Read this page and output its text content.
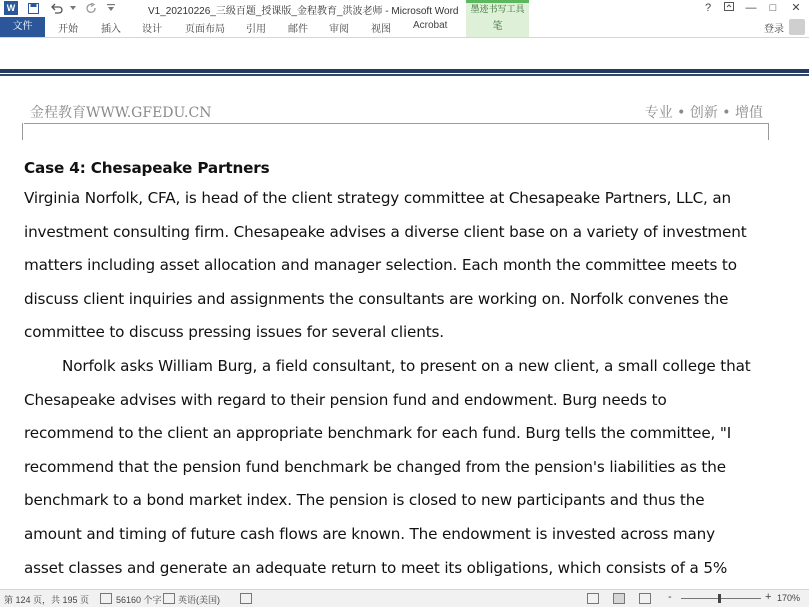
W	V1_20210226_三级百题_授课版_金程教育_洪波老师 - Microsoft Word	墨迹书写工具	?	—	□	✕
文件	开始 插入 设计 页面布局 引用 邮件 审阅 视图 Acrobat	笔	登录
金程教育WWW.GFEDU.CN	专业 • 创新 • 增值
Case 4: Chesapeake Partners
Virginia Norfolk, CFA, is head of the client strategy committee at Chesapeake Partners, LLC, an
investment consulting firm. Chesapeake advises a diverse client base on a variety of investment
matters including asset allocation and manager selection. Each month the committee meets to
discuss client inquiries and assignments the consultants are working on. Norfolk convenes the
committee to discuss pressing issues for several clients.
Norfolk asks William Burg, a field consultant, to present on a new client, a small college that
Chesapeake advises with regard to their pension fund and endowment. Burg needs to
recommend to the client an appropriate benchmark for each fund. Burg tells the committee, "I
recommend that the pension fund benchmark be changed from the pension's liabilities as the
benchmark to a bond market index. The pension is closed to new participants and thus the
amount and timing of future cash flows are known. The endowment is invested across many
asset classes and generate an adequate return to meet its obligations, which consists of a 5%
第 124 页，共 195 页	56160 个字 英语(美国)	-	+ 170%
